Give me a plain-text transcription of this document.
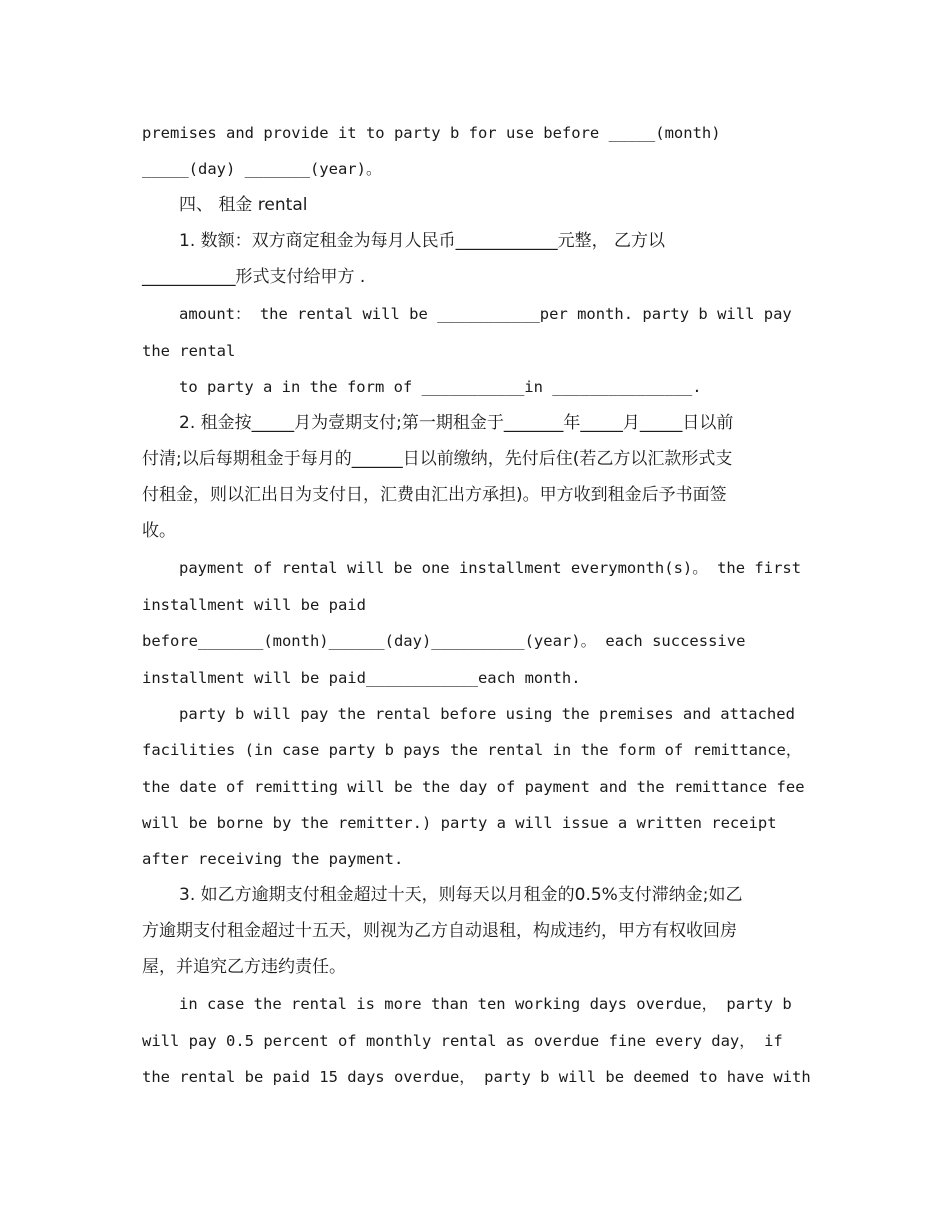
premises and provide it to party b for use before _____(month)
_____(day) _______(year)。
四、 租金 rental
1. 数额：双方商定租金为每月人民币____________元整， 乙方以
___________形式支付给甲方 .
amount： the rental will be ___________per month. party b will pay
the rental
to party a in the form of ___________in _______________.
2. 租金按_____月为壹期支付;第一期租金于_______年_____月_____日以前
付清;以后每期租金于每月的______日以前缴纳，先付后住(若乙方以汇款形式支
付租金，则以汇出日为支付日，汇费由汇出方承担)。甲方收到租金后予书面签
收。
payment of rental will be one installment everymonth(s)。 the first
installment will be paid
before_______(month)______(day)__________(year)。 each successive
installment will be paid____________each month.
party b will pay the rental before using the premises and attached
facilities (in case party b pays the rental in the form of remittance，
the date of remitting will be the day of payment and the remittance fee
will be borne by the remitter.) party a will issue a written receipt
after receiving the payment.
3. 如乙方逾期支付租金超过十天，则每天以月租金的0.5%支付滞纳金;如乙
方逾期支付租金超过十五天，则视为乙方自动退租，构成违约，甲方有权收回房
屋，并追究乙方违约责任。
in case the rental is more than ten working days overdue， party b
will pay 0.5 percent of monthly rental as overdue fine every day， if
the rental be paid 15 days overdue， party b will be deemed to have with
